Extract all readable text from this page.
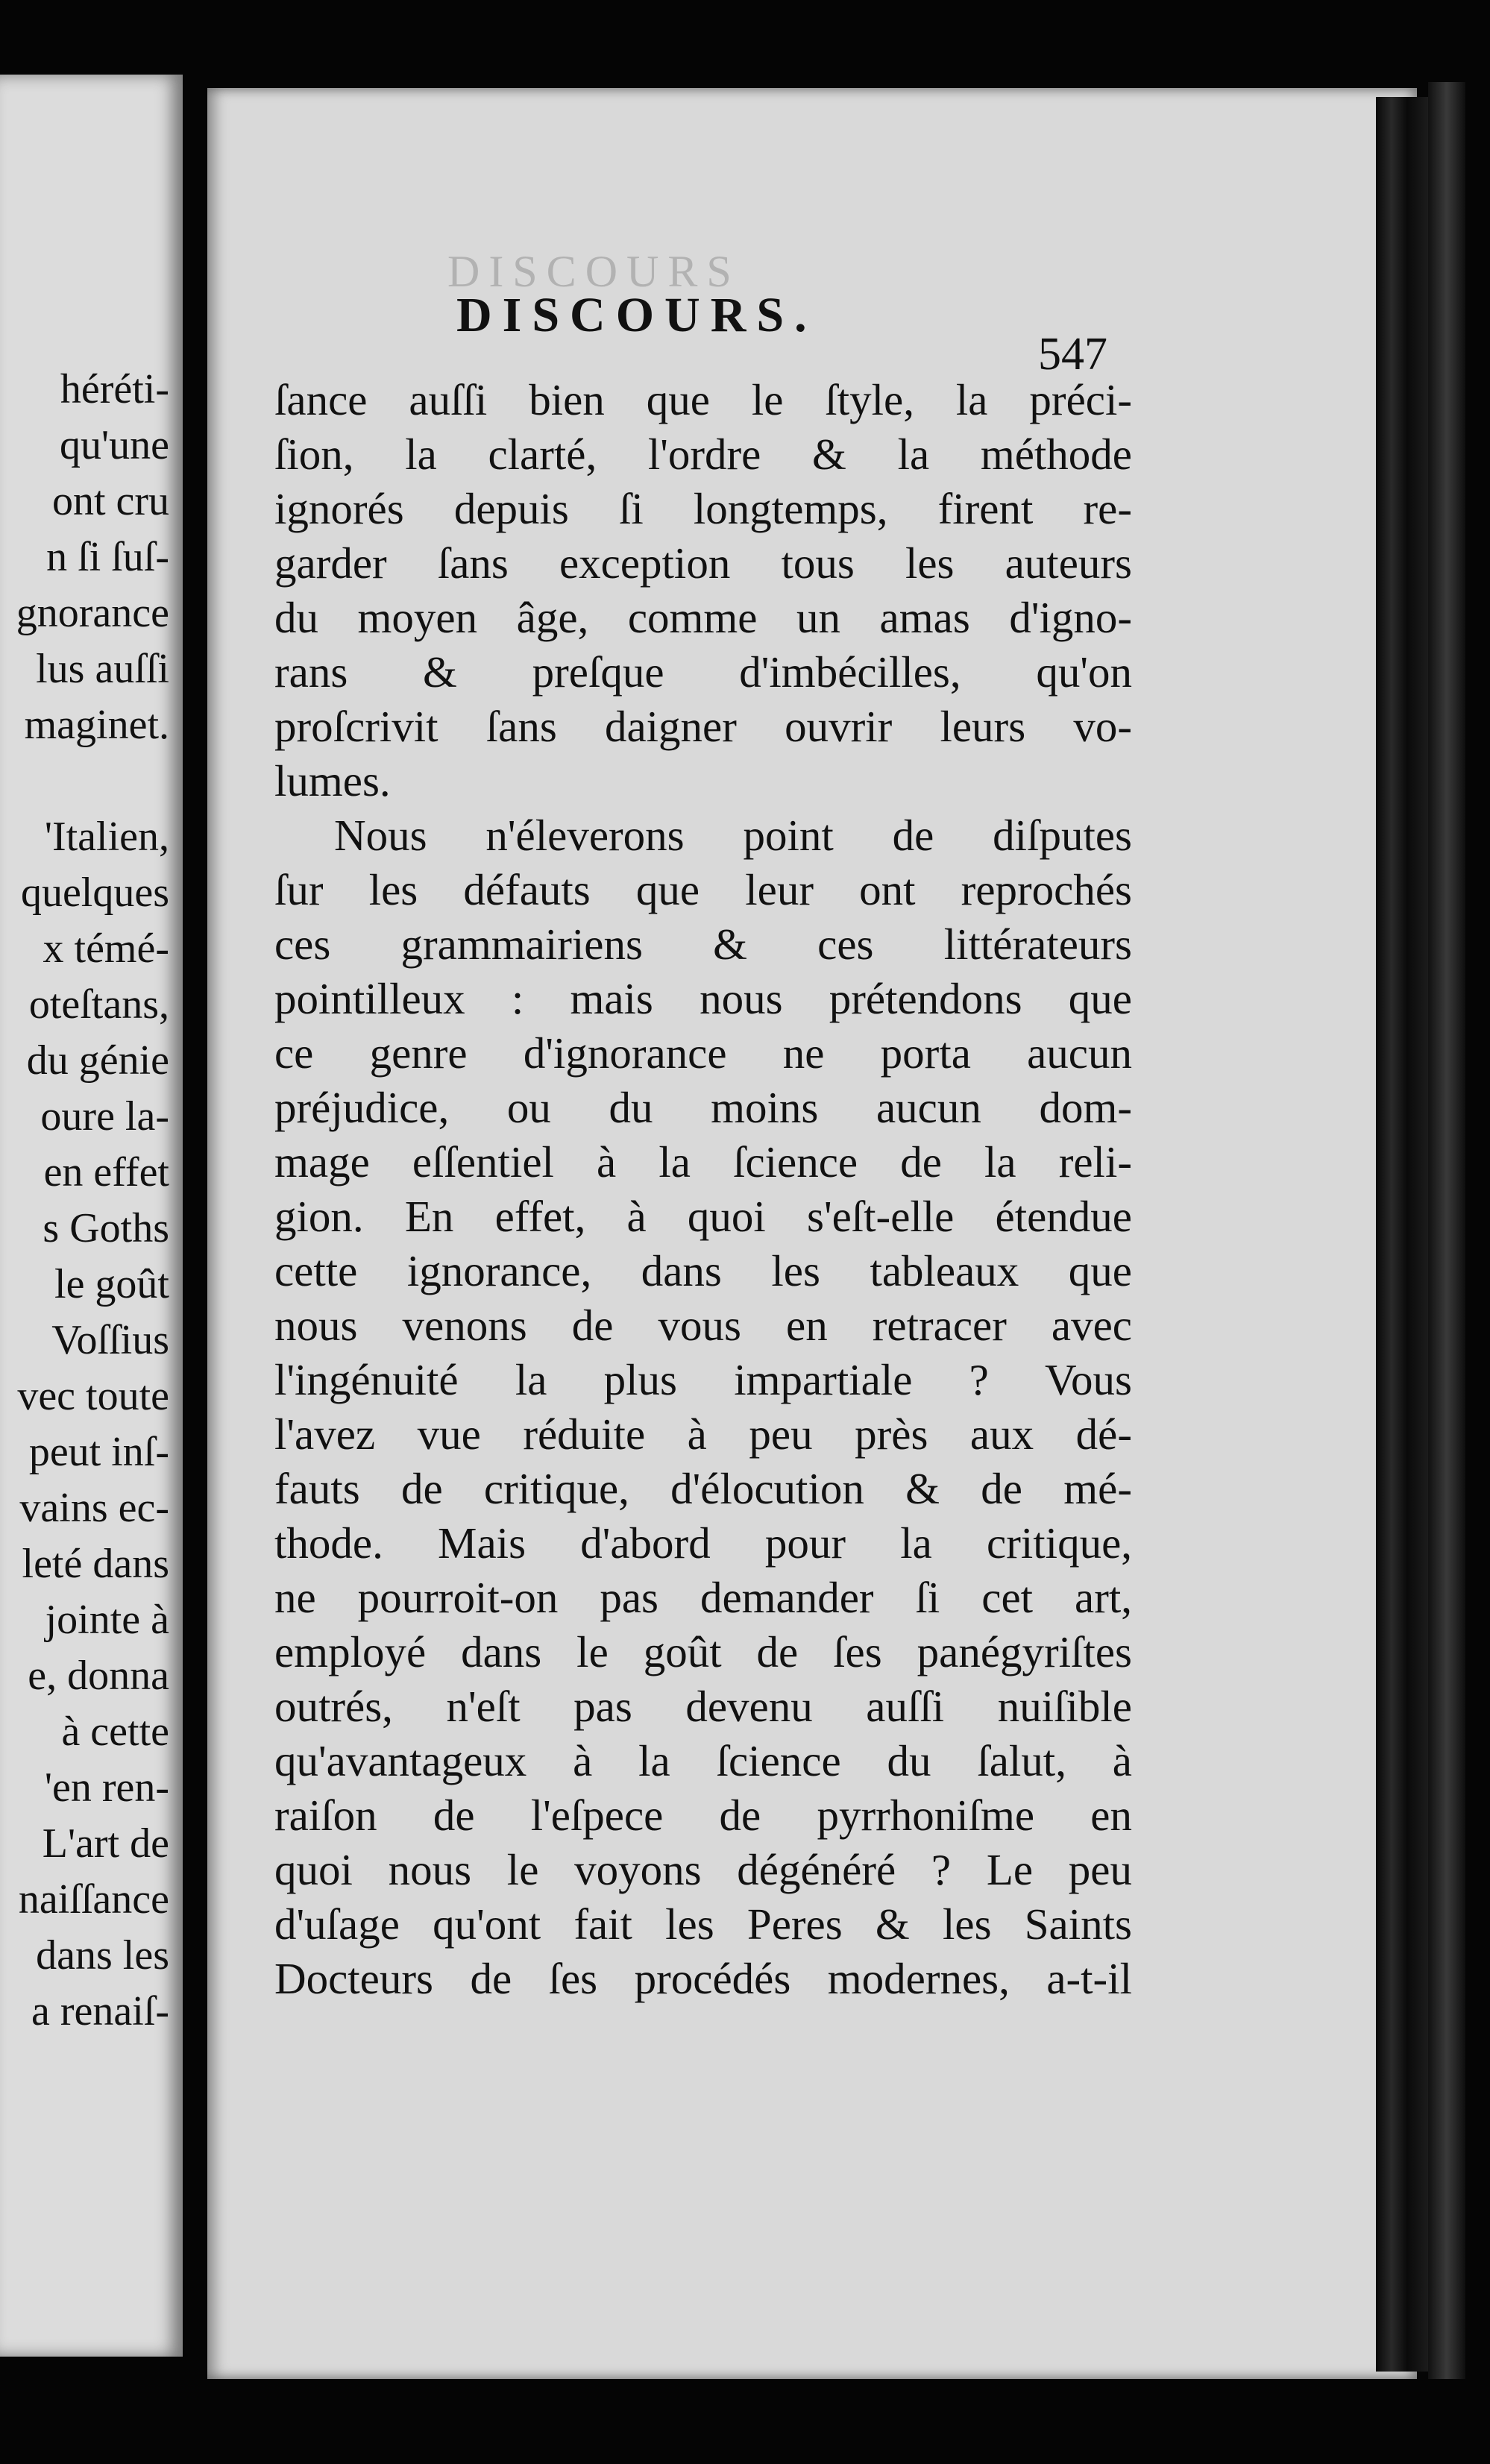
héréti-
qu'une
ont cru
n ſi ſuſ-
gnorance
lus auſſi
maginet.
'Italien,
quelques
x témé-
oteſtans,
du génie
oure la-
en effet
s Goths
le goût
Voſſius
vec toute
peut inſ-
vains ec-
leté dans
jointe à
e, donna
à cette
'en ren-
L'art de
naiſſance
dans les
a renaiſ-
DISCOURS
DISCOURS.
547
ſance auſſi bien que le ſtyle, la préci-
ſion, la clarté, l'ordre & la méthode
ignorés depuis ſi longtemps, firent re-
garder ſans exception tous les auteurs
du moyen âge, comme un amas d'igno-
rans & preſque d'imbécilles, qu'on
proſcrivit ſans daigner ouvrir leurs vo-
lumes.
Nous n'éleverons point de diſputes
ſur les défauts que leur ont reprochés
ces grammairiens & ces littérateurs
pointilleux : mais nous prétendons que
ce genre d'ignorance ne porta aucun
préjudice, ou du moins aucun dom-
mage eſſentiel à la ſcience de la reli-
gion. En effet, à quoi s'eſt-elle étendue
cette ignorance, dans les tableaux que
nous venons de vous en retracer avec
l'ingénuité la plus impartiale ? Vous
l'avez vue réduite à peu près aux dé-
fauts de critique, d'élocution & de mé-
thode. Mais d'abord pour la critique,
ne pourroit-on pas demander ſi cet art,
employé dans le goût de ſes panégyriſtes
outrés, n'eſt pas devenu auſſi nuiſible
qu'avantageux à la ſcience du ſalut, à
raiſon de l'eſpece de pyrrhoniſme en
quoi nous le voyons dégénéré ? Le peu
d'uſage qu'ont fait les Peres & les Saints
Docteurs de ſes procédés modernes, a-t-il
